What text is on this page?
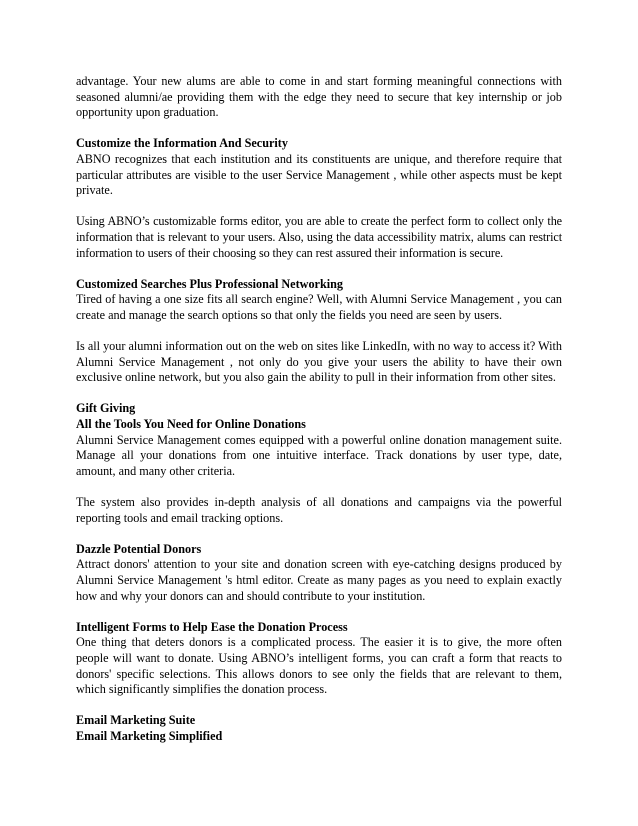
advantage. Your new alums are able to come in and start forming meaningful connections with seasoned alumni/ae providing them with the edge they need to secure that key internship or job opportunity upon graduation.

Customize the Information And Security

ABNO recognizes that each institution and its constituents are unique, and therefore require that particular attributes are visible to the user Service Management , while other aspects must be kept private.

Using ABNO’s customizable forms editor, you are able to create the perfect form to collect only the information that is relevant to your users. Also, using the data accessibility matrix, alums can restrict information to users of their choosing so they can rest assured their information is secure.

Customized Searches Plus Professional Networking

Tired of having a one size fits all search engine? Well, with Alumni Service Management , you can create and manage the search options so that only the fields you need are seen by users.

Is all your alumni information out on the web on sites like LinkedIn, with no way to access it? With Alumni Service Management , not only do you give your users the ability to have their own exclusive online network, but you also gain the ability to pull in their information from other sites.

Gift Giving

All the Tools You Need for Online Donations

Alumni Service Management comes equipped with a powerful online donation management suite. Manage all your donations from one intuitive interface. Track donations by user type, date, amount, and many other criteria.

The system also provides in-depth analysis of all donations and campaigns via the powerful reporting tools and email tracking options.

Dazzle Potential Donors

Attract donors' attention to your site and donation screen with eye-catching designs produced by Alumni Service Management 's html editor. Create as many pages as you need to explain exactly how and why your donors can and should contribute to your institution.

Intelligent Forms to Help Ease the Donation Process

One thing that deters donors is a complicated process. The easier it is to give, the more often people will want to donate. Using ABNO’s intelligent forms, you can craft a form that reacts to donors' specific selections. This allows donors to see only the fields that are relevant to them, which significantly simplifies the donation process.

Email Marketing Suite

Email Marketing Simplified
